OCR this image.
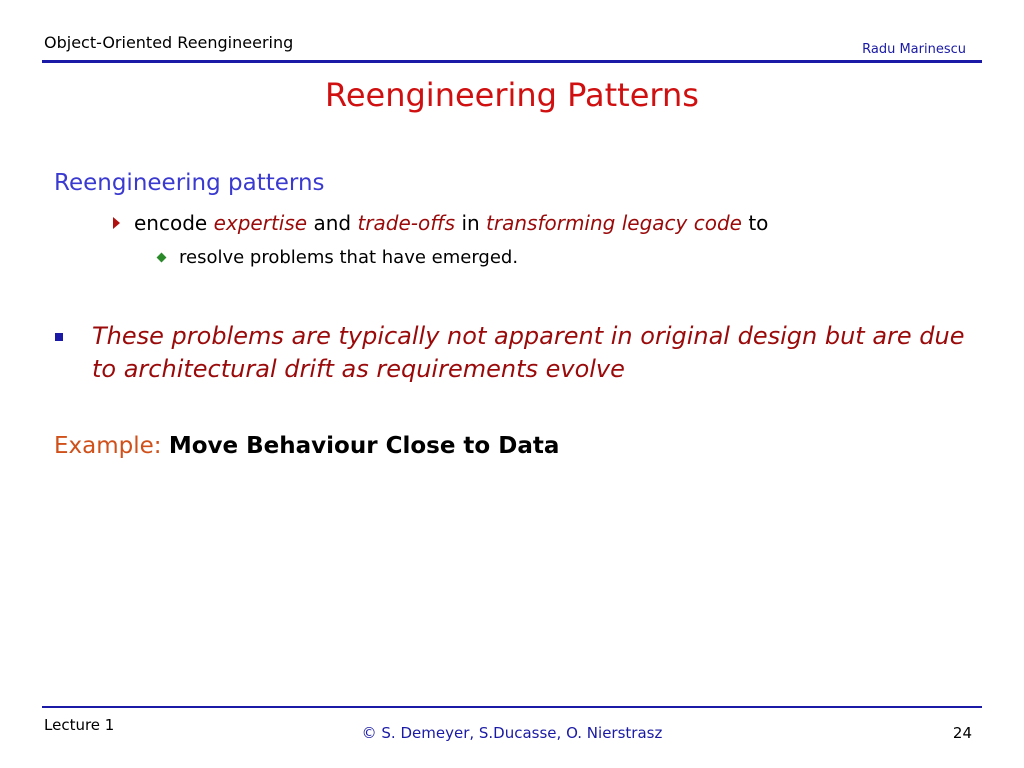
Object-Oriented Reengineering	Radu Marinescu
Reengineering Patterns
Reengineering patterns
encode expertise and trade-offs in transforming legacy code to
resolve problems that have emerged.
These problems are typically not apparent in original design but are due to architectural drift as requirements evolve
Example: Move Behaviour Close to Data
Lecture 1	© S. Demeyer, S.Ducasse, O. Nierstrasz	24
